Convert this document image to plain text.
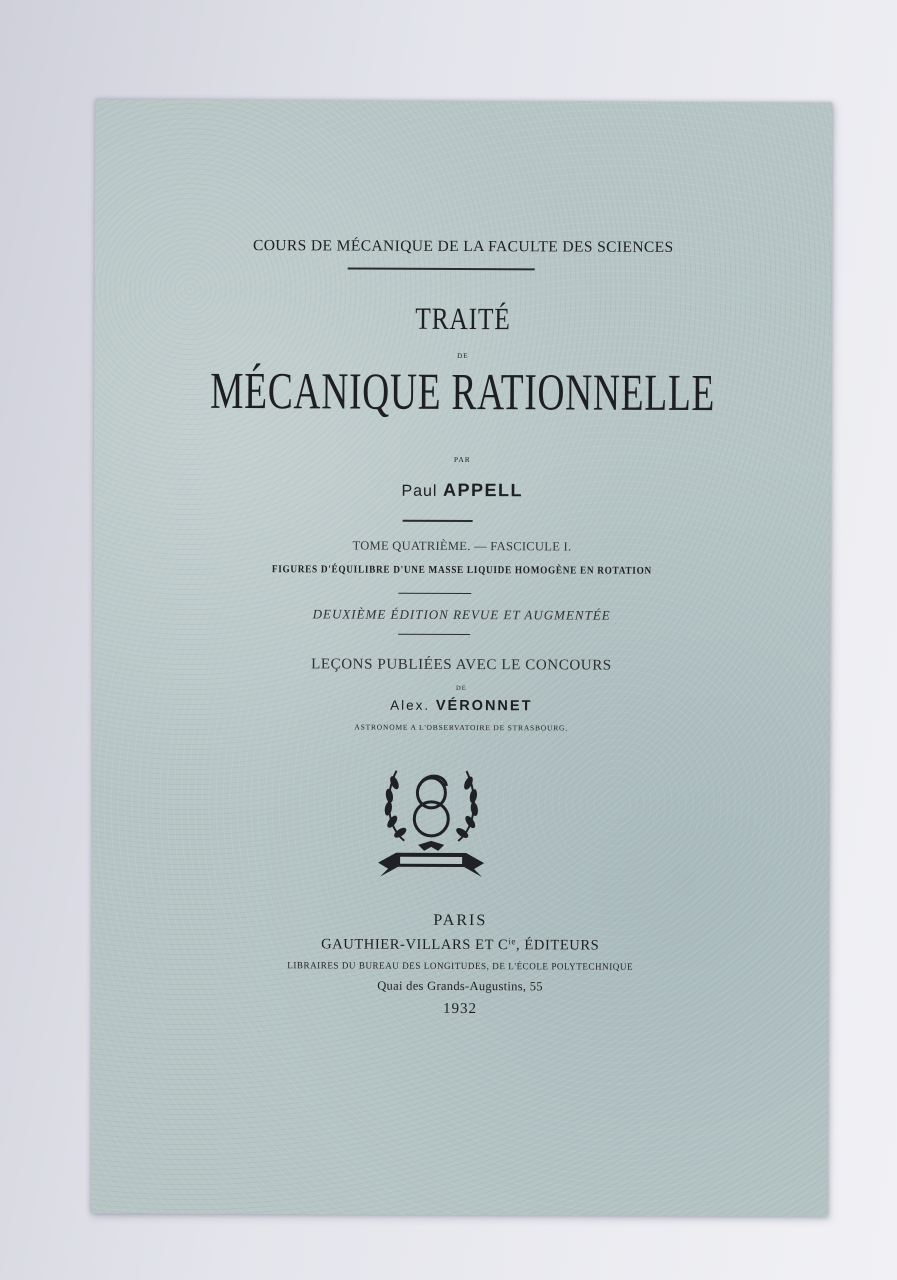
COURS DE MÉCANIQUE DE LA FACULTE DES SCIENCES
TRAITÉ
DE
MÉCANIQUE RATIONNELLE
PAR
Paul APPELL
TOME QUATRIÈME. — FASCICULE I.
FIGURES D'ÉQUILIBRE D'UNE MASSE LIQUIDE HOMOGÈNE EN ROTATION
DEUXIÈME ÉDITION REVUE ET AUGMENTÉE
LEÇONS PUBLIÉES AVEC LE CONCOURS
DE
Alex. VÉRONNET
ASTRONOME A L'OBSERVATOIRE DE STRASBOURG.
PARIS
GAUTHIER-VILLARS ET $C^{ie}$, ÉDITEURS
LIBRAIRES DU BUREAU DES LONGITUDES, DE L'ÉCOLE POLYTECHNIQUE
Quai des Grands-Augustins, 55
1932
